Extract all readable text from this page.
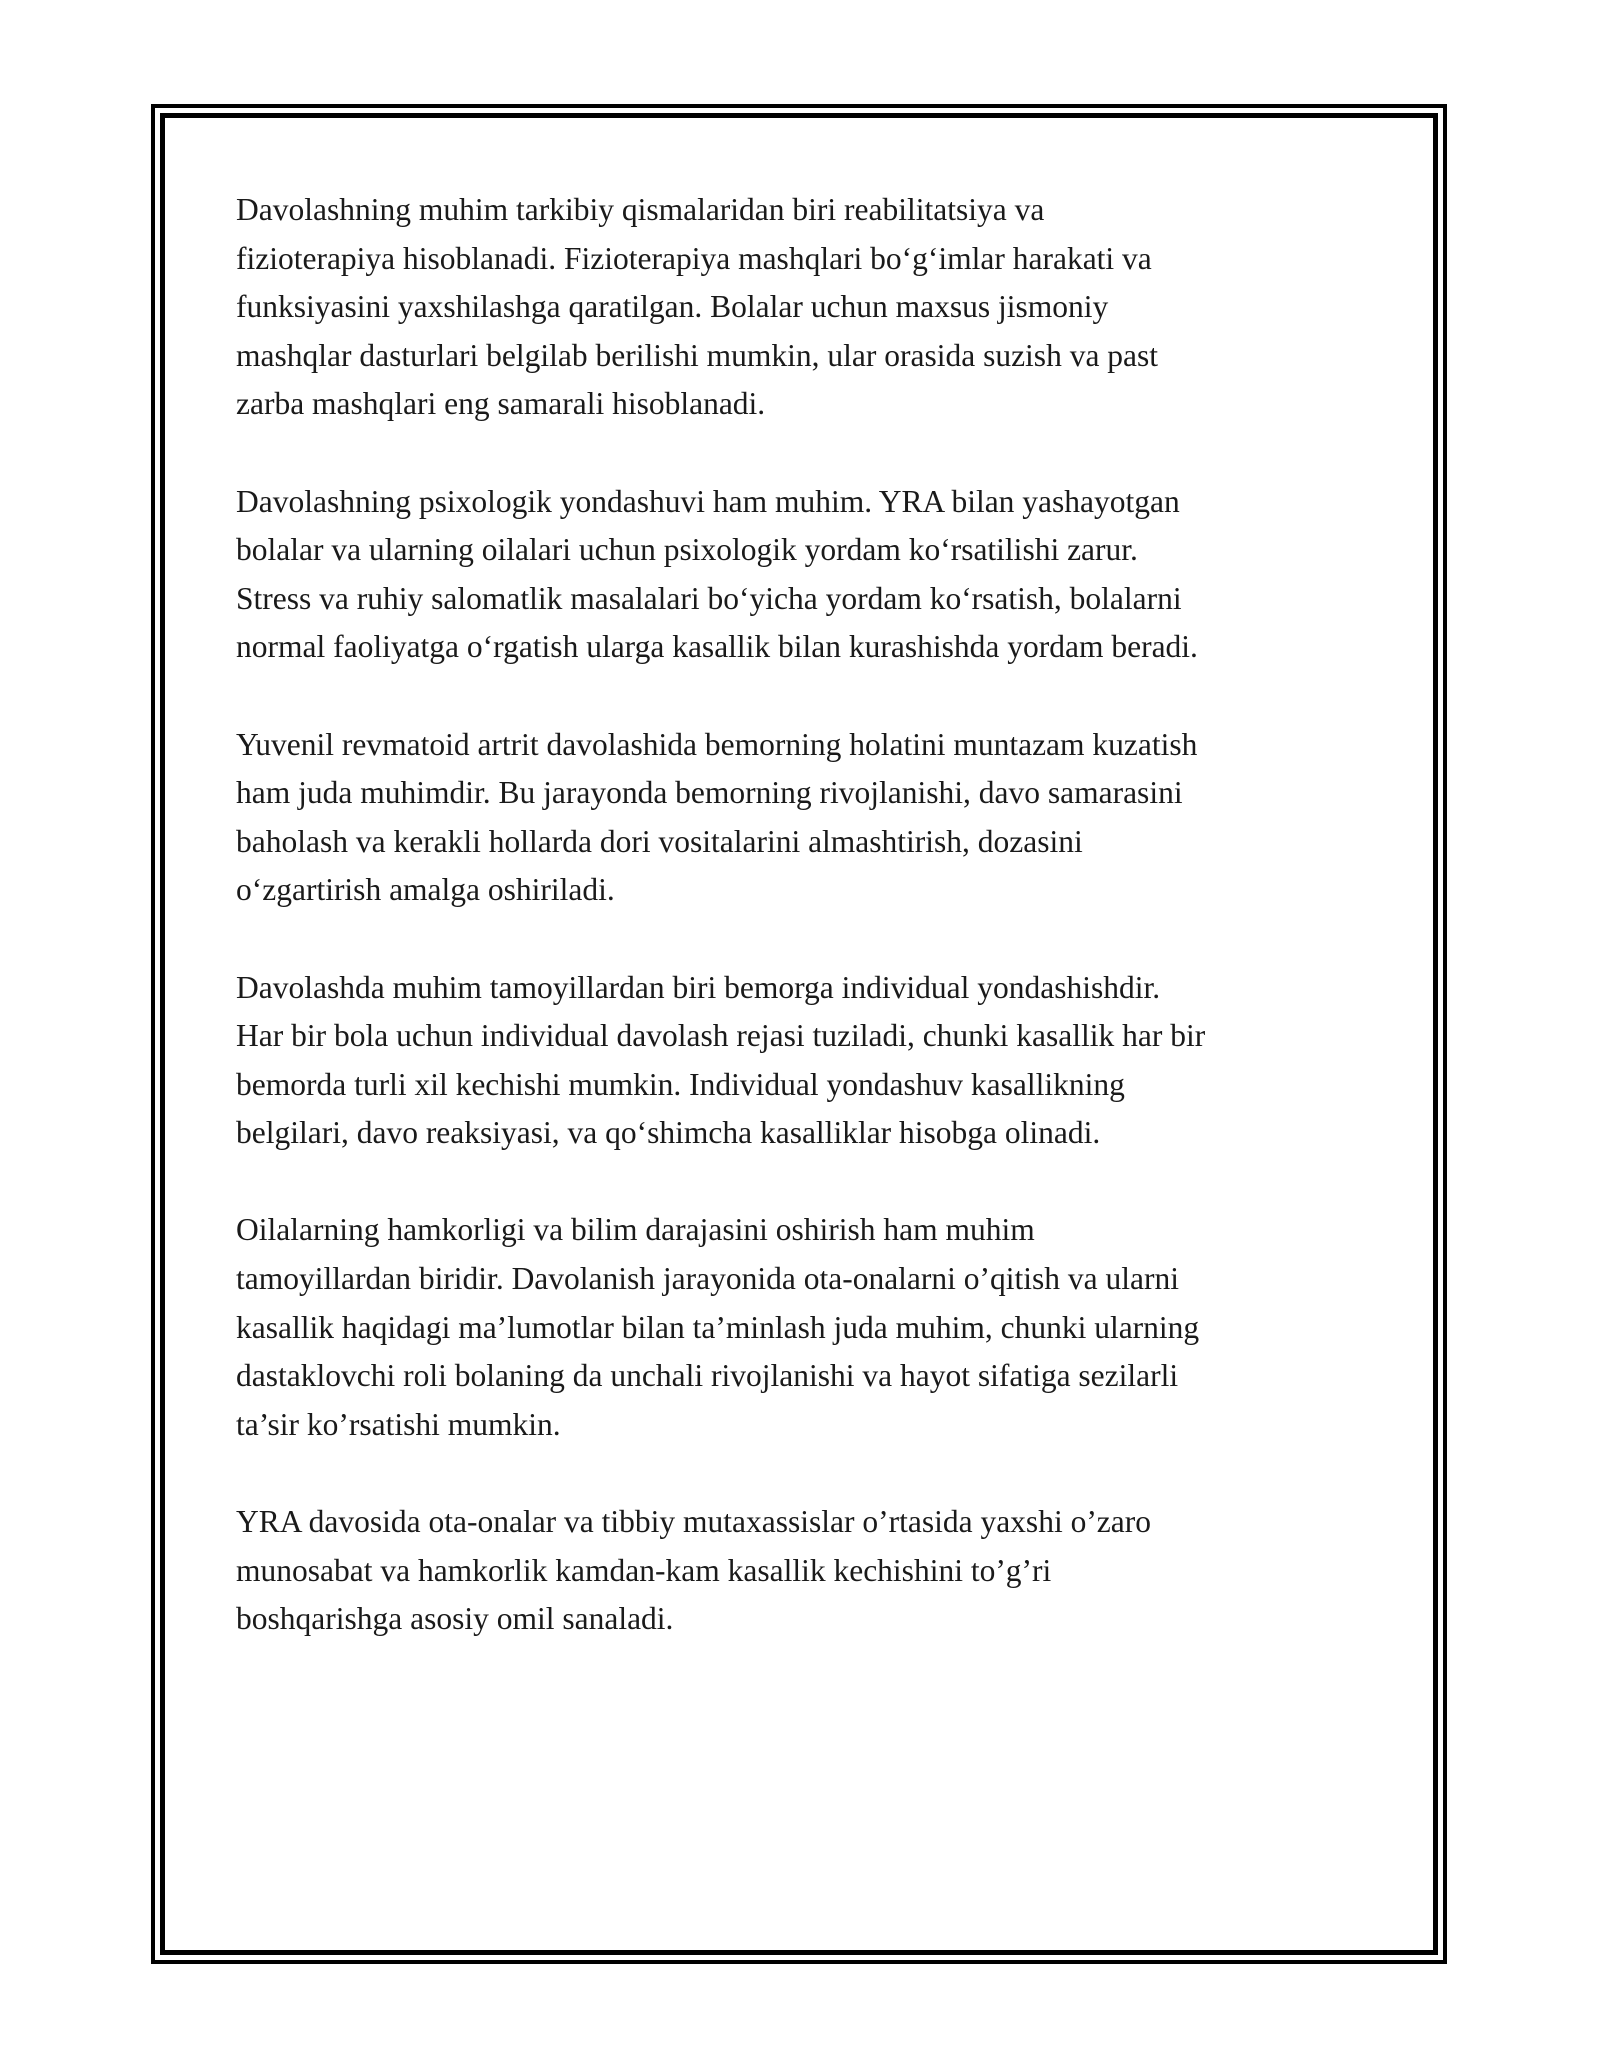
Davolashning muhim tarkibiy qismalaridan biri reabilitatsiya va
fizioterapiya hisoblanadi. Fizioterapiya mashqlari bo‘g‘imlar harakati va
funksiyasini yaxshilashga qaratilgan. Bolalar uchun maxsus jismoniy
mashqlar dasturlari belgilab berilishi mumkin, ular orasida suzish va past
zarba mashqlari eng samarali hisoblanadi.

Davolashning psixologik yondashuvi ham muhim. YRA bilan yashayotgan
bolalar va ularning oilalari uchun psixologik yordam ko‘rsatilishi zarur.
Stress va ruhiy salomatlik masalalari bo‘yicha yordam ko‘rsatish, bolalarni
normal faoliyatga o‘rgatish ularga kasallik bilan kurashishda yordam beradi.

Yuvenil revmatoid artrit davolashida bemorning holatini muntazam kuzatish
ham juda muhimdir. Bu jarayonda bemorning rivojlanishi, davo samarasini
baholash va kerakli hollarda dori vositalarini almashtirish, dozasini
o‘zgartirish amalga oshiriladi.

Davolashda muhim tamoyillardan biri bemorga individual yondashishdir.
Har bir bola uchun individual davolash rejasi tuziladi, chunki kasallik har bir
bemorda turli xil kechishi mumkin. Individual yondashuv kasallikning
belgilari, davo reaksiyasi, va qo‘shimcha kasalliklar hisobga olinadi.

Oilalarning hamkorligi va bilim darajasini oshirish ham muhim
tamoyillardan biridir. Davolanish jarayonida ota-onalarni o’qitish va ularni
kasallik haqidagi ma’lumotlar bilan ta’minlash juda muhim, chunki ularning
dastaklovchi roli bolaning da unchali rivojlanishi va hayot sifatiga sezilarli
ta’sir ko’rsatishi mumkin.

YRA davosida ota-onalar va tibbiy mutaxassislar o’rtasida yaxshi o’zaro
munosabat va hamkorlik kamdan-kam kasallik kechishini to’g’ri
boshqarishga asosiy omil sanaladi.
